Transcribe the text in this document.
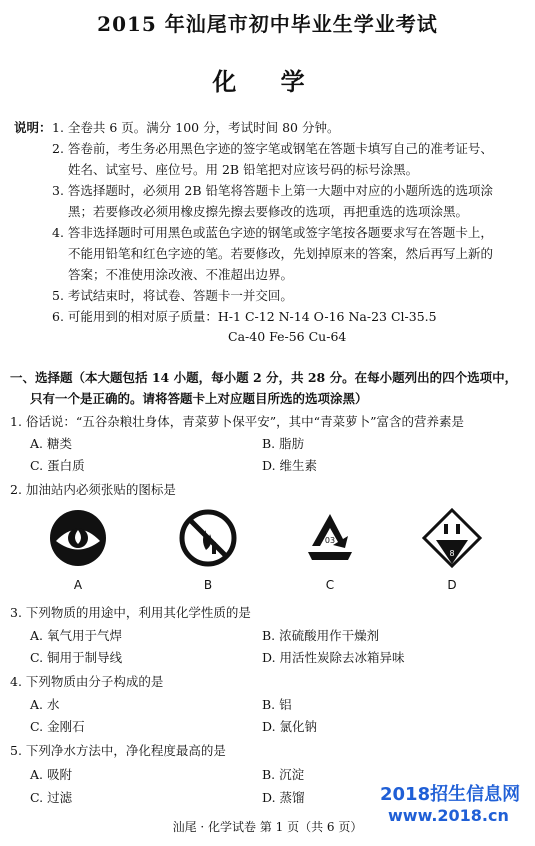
2015 年汕尾市初中毕业生学业考试
化 学
说明： 1. 全卷共 6 页。满分 100 分，考试时间 80 分钟。
2. 答卷前，考生务必用黑色字迹的签字笔或钢笔在答题卡填写自己的准考证号、
姓名、试室号、座位号。用 2B 铅笔把对应该号码的标号涂黑。
3. 答选择题时，必须用 2B 铅笔将答题卡上第一大题中对应的小题所选的选项涂
黑；若要修改必须用橡皮擦先擦去要修改的选项，再把重选的选项涂黑。
4. 答非选择题时可用黑色或蓝色字迹的钢笔或签字笔按各题要求写在答题卡上，
不能用铅笔和红色字迹的笔。若要修改，先划掉原来的答案，然后再写上新的
答案；不准使用涂改液、不准超出边界。
5. 考试结束时，将试卷、答题卡一并交回。
6. 可能用到的相对原子质量：H-1 C-12 N-14 O-16 Na-23 Cl-35.5
Ca-40 Fe-56 Cu-64
一、选择题（本大题包括 14 小题，每小题 2 分，共 28 分。在每小题列出的四个选项中，
只有一个是正确的。请将答题卡上对应题目所选的选项涂黑）
1. 俗话说：“五谷杂粮壮身体，青菜萝卜保平安”，其中“青菜萝卜”富含的营养素是
A. 糖类	B. 脂肪
C. 蛋白质	D. 维生素
2. 加油站内必须张贴的图标是
A	B
03
C
8
D
3. 下列物质的用途中，利用其化学性质的是
A. 氧气用于气焊	B. 浓硫酸用作干燥剂
C. 铜用于制导线	D. 用活性炭除去冰箱异味
4. 下列物质由分子构成的是
A. 水	B. 铝
C. 金刚石	D. 氯化钠
5. 下列净水方法中，净化程度最高的是
A. 吸附	B. 沉淀
C. 过滤	D. 蒸馏	2018招生信息网
www.2018.cn
汕尾 · 化学试卷 第 1 页（共 6 页）
